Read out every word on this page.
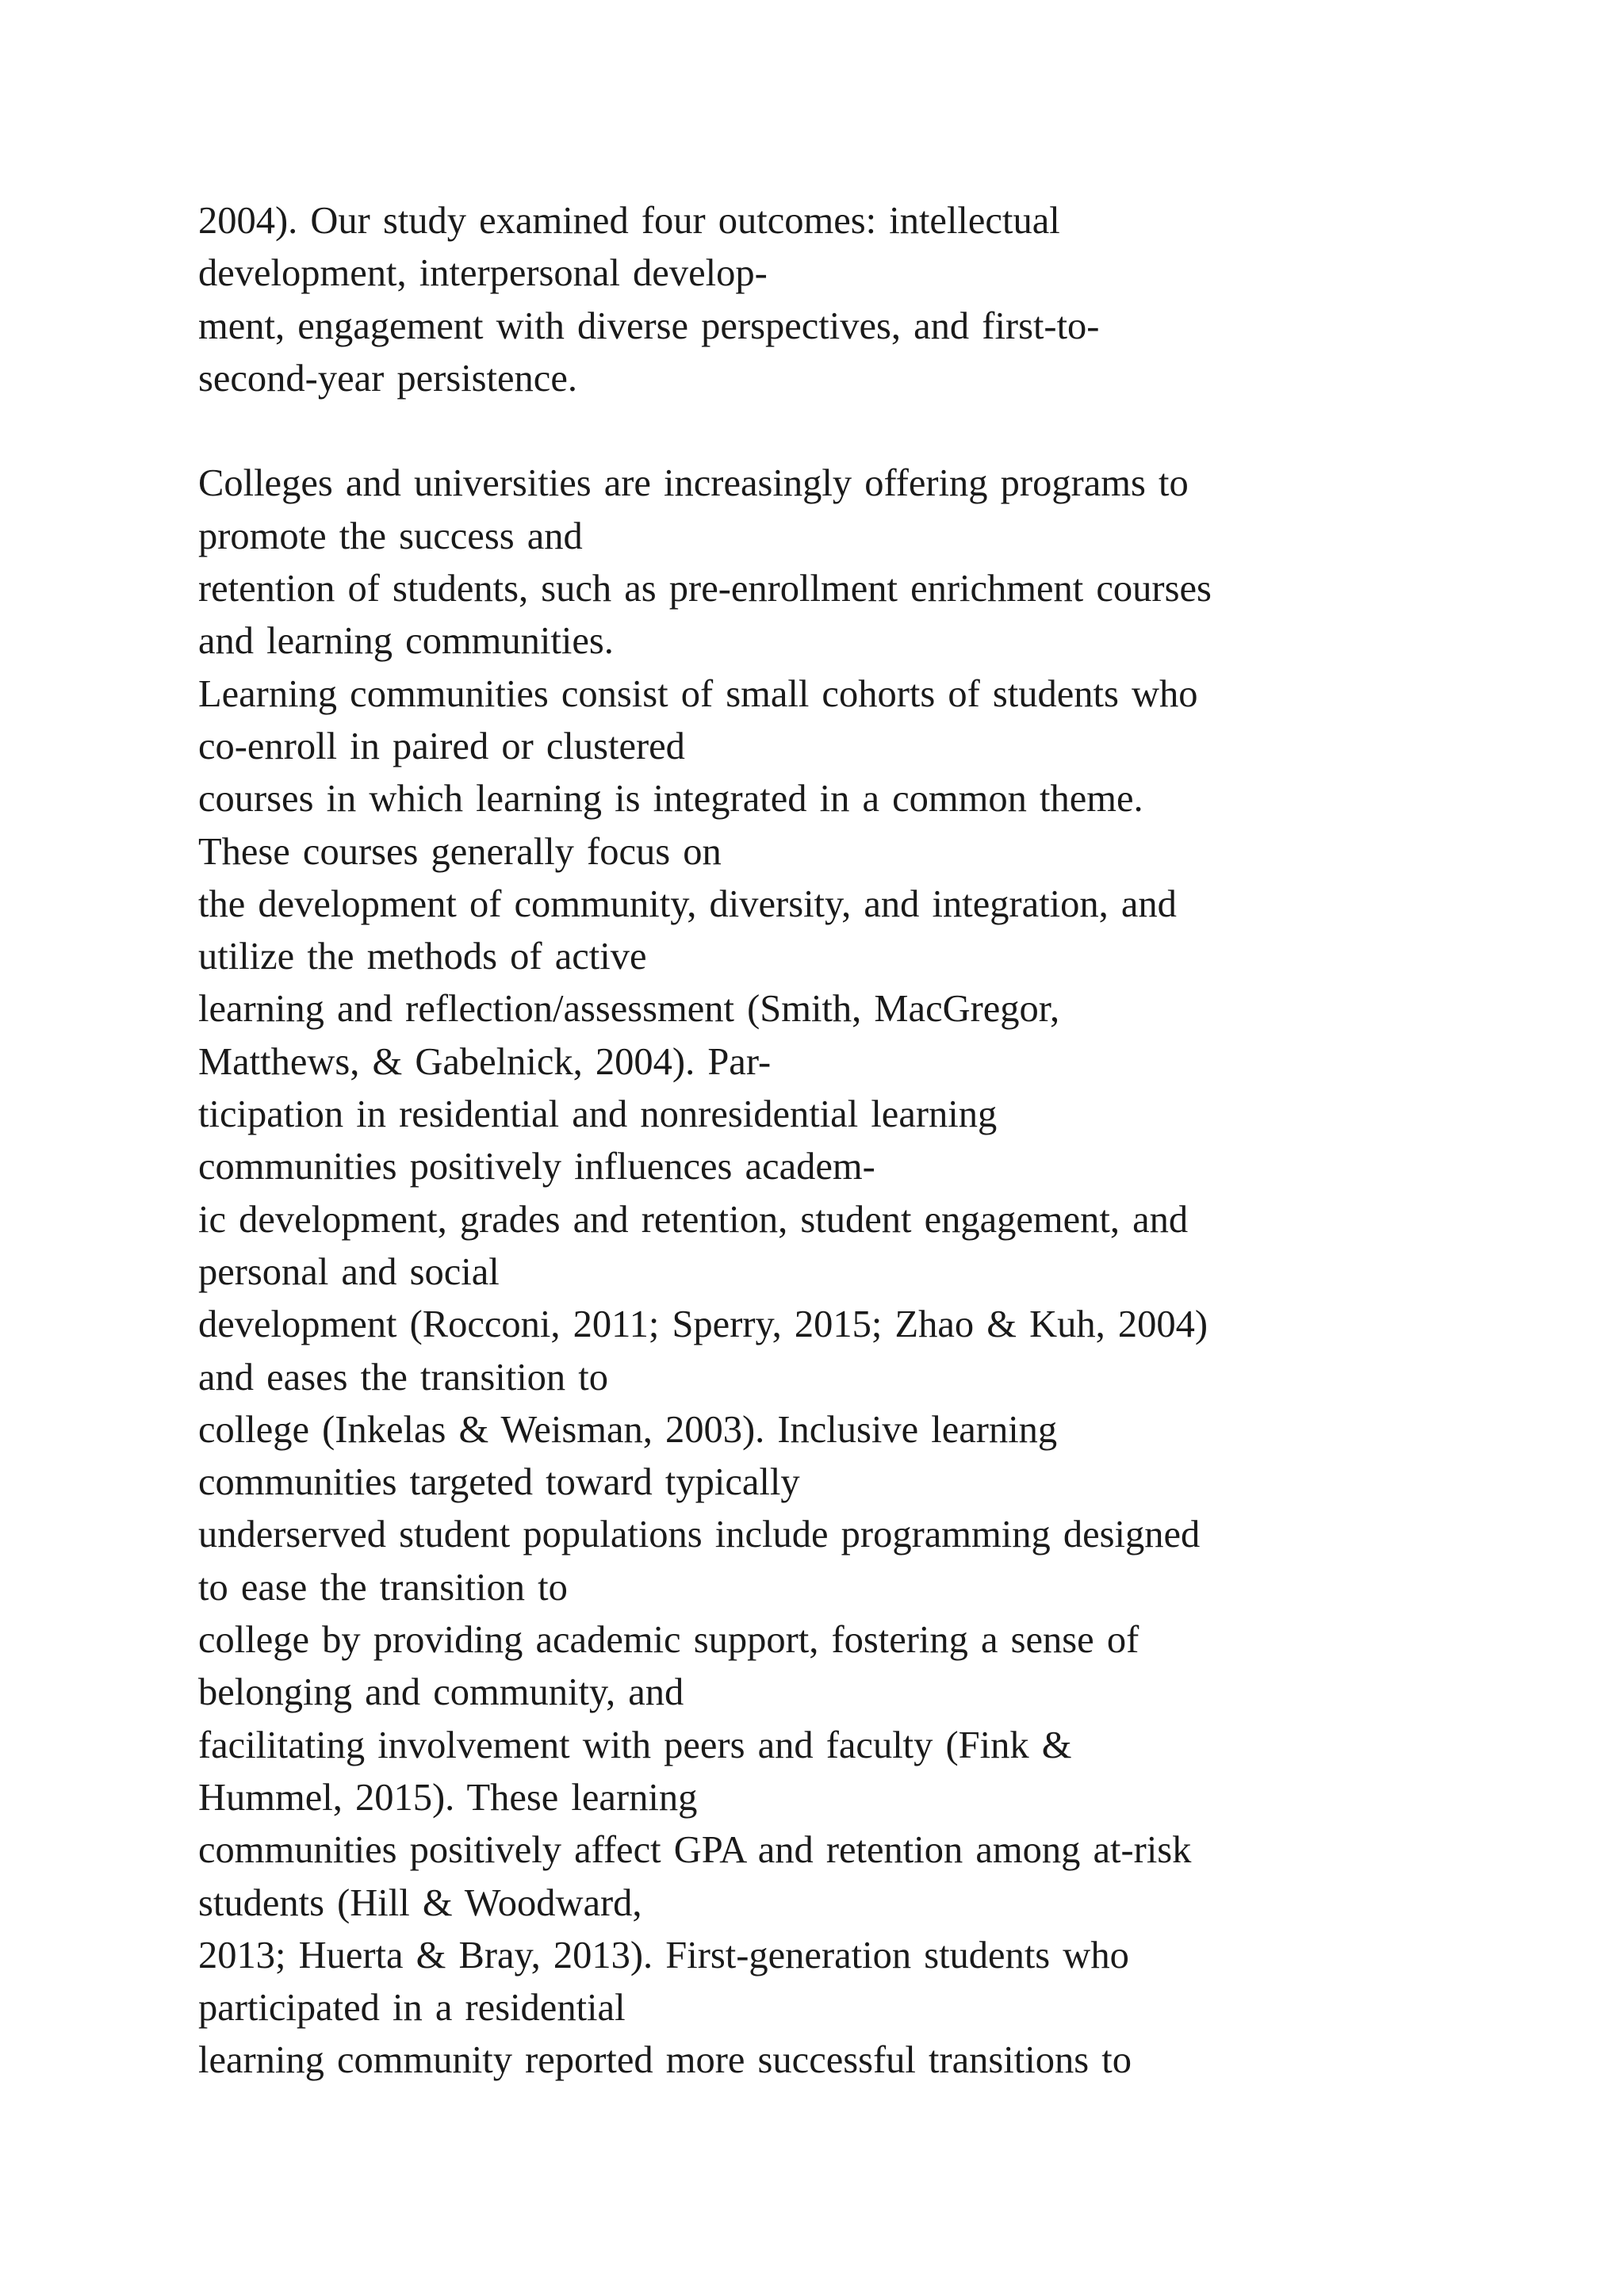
2004). Our study examined four outcomes: intellectual
development, interpersonal develop-
ment, engagement with diverse perspectives, and first-to-
second-year persistence.
Colleges and universities are increasingly offering programs to
promote the success and
retention of students, such as pre-enrollment enrichment courses
and learning communities.
Learning communities consist of small cohorts of students who
co-enroll in paired or clustered
courses in which learning is integrated in a common theme.
These courses generally focus on
the development of community, diversity, and integration, and
utilize the methods of active
learning and reflection/assessment (Smith, MacGregor,
Matthews, & Gabelnick, 2004). Par-
ticipation in residential and nonresidential learning
communities positively influences academ-
ic development, grades and retention, student engagement, and
personal and social
development (Rocconi, 2011; Sperry, 2015; Zhao & Kuh, 2004)
and eases the transition to
college (Inkelas & Weisman, 2003). Inclusive learning
communities targeted toward typically
underserved student populations include programming designed
to ease the transition to
college by providing academic support, fostering a sense of
belonging and community, and
facilitating involvement with peers and faculty (Fink &
Hummel, 2015). These learning
communities positively affect GPA and retention among at-risk
students (Hill & Woodward,
2013; Huerta & Bray, 2013). First-generation students who
participated in a residential
learning community reported more successful transitions to
